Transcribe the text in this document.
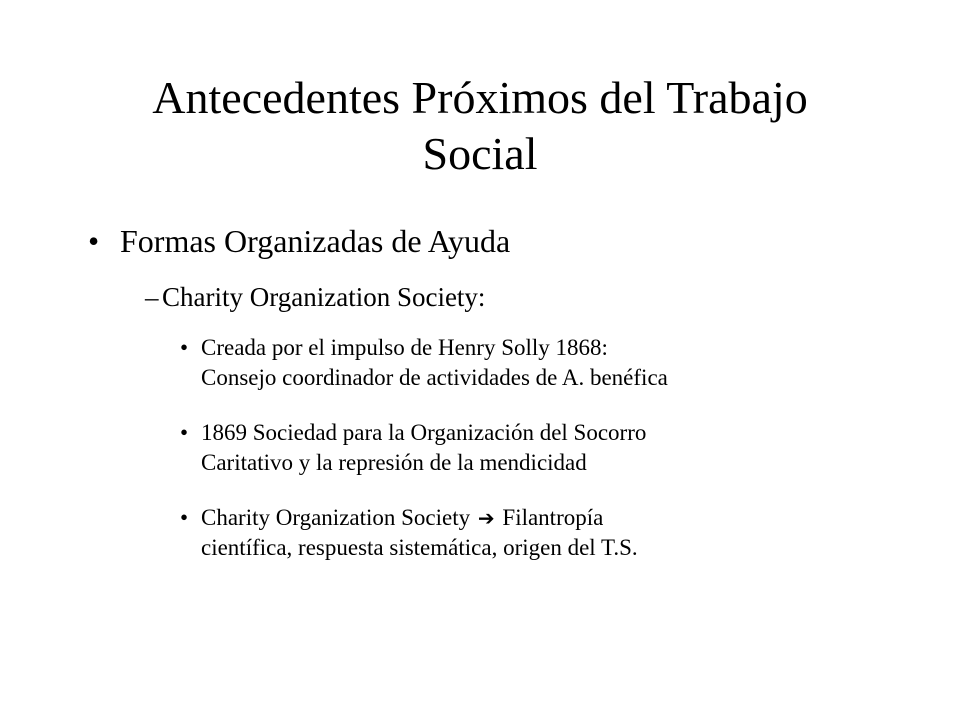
Antecedentes Próximos del Trabajo
Social
• Formas Organizadas de Ayuda
– Charity Organization Society:
• Creada por el impulso de Henry Solly 1868:
Consejo coordinador de actividades de A. benéfica
• 1869 Sociedad para la Organización del Socorro
Caritativo y la represión de la mendicidad
• Charity Organization Society ➔ Filantropía
científica, respuesta sistemática, origen del T.S.
